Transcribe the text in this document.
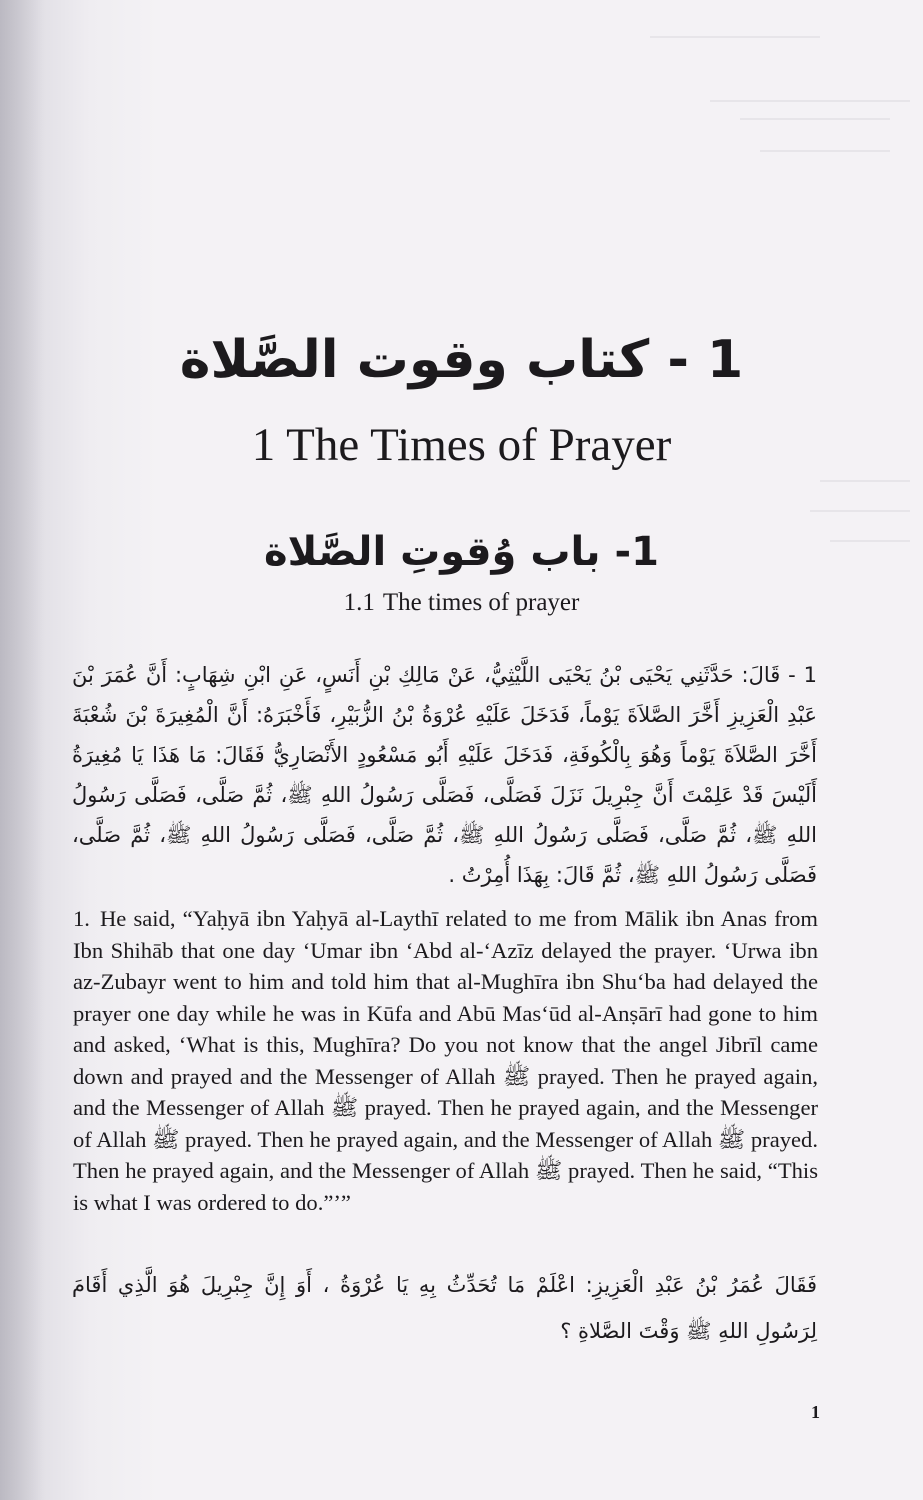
1 - كتاب وقوت الصَّلاة
1 The Times of Prayer
1- باب وُقوتِ الصَّلاة
1.1 The times of prayer

1 - قَالَ: حَدَّثَنِي يَحْيَى بْنُ يَحْيَى اللَّيْثِيُّ، عَنْ مَالِكِ بْنِ أَنَسٍ، عَنِ ابْنِ شِهَابٍ: أَنَّ عُمَرَ بْنَ عَبْدِ الْعَزِيزِ أَخَّرَ الصَّلاَةَ يَوْماً، فَدَخَلَ عَلَيْهِ عُرْوَةُ بْنُ الزُّبَيْرِ، فَأَخْبَرَهُ: أَنَّ الْمُغِيرَةَ بْنَ شُعْبَةَ أَخَّرَ الصَّلاَةَ يَوْماً وَهُوَ بِالْكُوفَةِ، فَدَخَلَ عَلَيْهِ أَبُو مَسْعُودٍ الأَنْصَارِيُّ فَقَالَ: مَا هَذَا يَا مُغِيرَةُ أَلَيْسَ قَدْ عَلِمْتَ أَنَّ جِبْرِيلَ نَزَلَ فَصَلَّى، فَصَلَّى رَسُولُ اللهِ ﷺ، ثُمَّ صَلَّى، فَصَلَّى رَسُولُ اللهِ ﷺ، ثُمَّ صَلَّى، فَصَلَّى رَسُولُ اللهِ ﷺ، ثُمَّ صَلَّى، فَصَلَّى رَسُولُ اللهِ ﷺ، ثُمَّ صَلَّى، فَصَلَّى رَسُولُ اللهِ ﷺ، ثُمَّ قَالَ: بِهَذَا أُمِرْتُ .

1. He said, “Yaḥyā ibn Yaḥyā al-Laythī related to me from Mālik ibn Anas from Ibn Shihāb that one day ‘Umar ibn ‘Abd al-‘Azīz delayed the prayer. ‘Urwa ibn az-Zubayr went to him and told him that al-Mughīra ibn Shu‘ba had delayed the prayer one day while he was in Kūfa and Abū Mas‘ūd al-Anṣārī had gone to him and asked, ‘What is this, Mughīra? Do you not know that the angel Jibrīl came down and prayed and the Messenger of Allah ﷺ prayed. Then he prayed again, and the Messenger of Allah ﷺ prayed. Then he prayed again, and the Messenger of Allah ﷺ prayed. Then he prayed again, and the Messenger of Allah ﷺ prayed. Then he prayed again, and the Messenger of Allah ﷺ prayed. Then he said, “This is what I was ordered to do.”’”

فَقَالَ عُمَرُ بْنُ عَبْدِ الْعَزِيزِ: اعْلَمْ مَا تُحَدِّثُ بِهِ يَا عُرْوَةُ ، أَوَ إِنَّ جِبْرِيلَ هُوَ الَّذِي أَقَامَ لِرَسُولِ اللهِ ﷺ وَقْتَ الصَّلاةِ ؟

1
